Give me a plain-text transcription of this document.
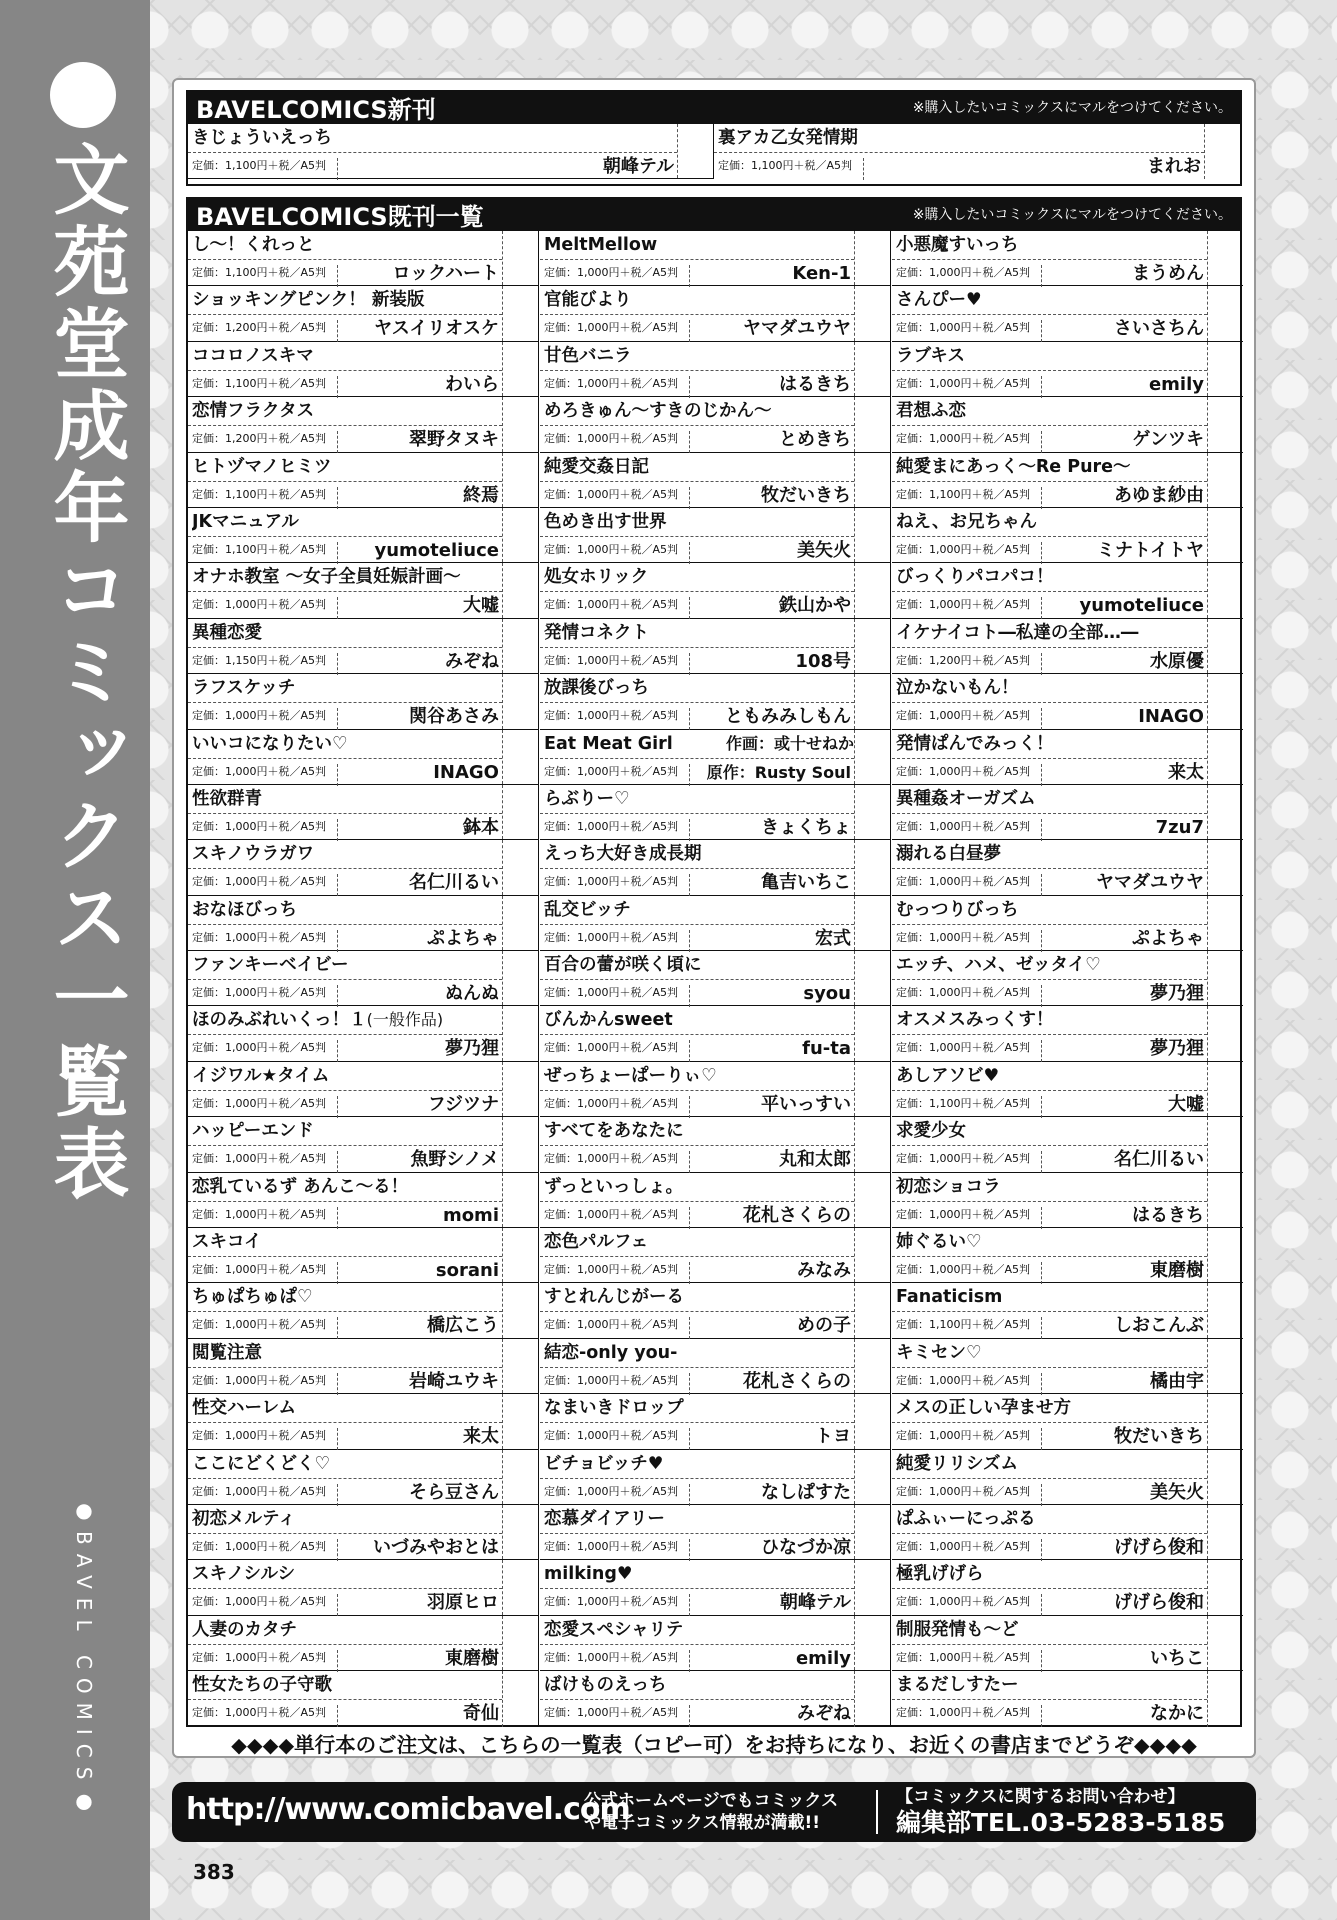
文苑堂成年コミックス一覧表
●BAVEL COMICS●
BAVELCOMICS新刊	※購入したいコミックスにマルをつけてください。
きじょういえっち
定価：1,100円＋税／A5判	朝峰テル
裏アカ乙女発情期
定価：1,100円＋税／A5判	まれお
BAVELCOMICS既刊一覧	※購入したいコミックスにマルをつけてください。
し～！くれっと
定価：1,100円＋税／A5判	ロックハート
ショッキングピンク！ 新装版
定価：1,200円＋税／A5判	ヤスイリオスケ
ココロノスキマ
定価：1,100円＋税／A5判	わいら
恋情フラクタス
定価：1,200円＋税／A5判	翠野タヌキ
ヒトヅマノヒミツ
定価：1,100円＋税／A5判	終焉
JKマニュアル
定価：1,100円＋税／A5判	yumoteliuce
オナホ教室 ～女子全員妊娠計画～
定価：1,000円＋税／A5判	大嘘
異種恋愛
定価：1,150円＋税／A5判	みぞね
ラフスケッチ
定価：1,000円＋税／A5判	関谷あさみ
いいコになりたい♡
定価：1,000円＋税／A5判	INAGO
性欲群青
定価：1,000円＋税／A5判	鉢本
スキノウラガワ
定価：1,000円＋税／A5判	名仁川るい
おなほびっち
定価：1,000円＋税／A5判	ぷよちゃ
ファンキーベイビー
定価：1,000円＋税／A5判	ぬんぬ
ほのみぶれいくっ！１(一般作品)
定価：1,000円＋税／A5判	夢乃狸
イジワル★タイム
定価：1,000円＋税／A5判	フジツナ
ハッピーエンド
定価：1,000円＋税／A5判	魚野シノメ
恋乳ているず あんこ～る！
定価：1,000円＋税／A5判	momi
スキコイ
定価：1,000円＋税／A5判	sorani
ちゅぱちゅぱ♡
定価：1,000円＋税／A5判	橋広こう
閲覧注意
定価：1,000円＋税／A5判	岩崎ユウキ
性交ハーレム
定価：1,000円＋税／A5判	来太
ここにどくどく♡
定価：1,000円＋税／A5判	そら豆さん
初恋メルティ
定価：1,000円＋税／A5判	いづみやおとは
スキノシルシ
定価：1,000円＋税／A5判	羽原ヒロ
人妻のカタチ
定価：1,000円＋税／A5判	東磨樹
性女たちの子守歌
定価：1,000円＋税／A5判	奇仙
MeltMellow
定価：1,000円＋税／A5判	Ken-1
官能びより
定価：1,000円＋税／A5判	ヤマダユウヤ
甘色バニラ
定価：1,000円＋税／A5判	はるきち
めろきゅん～すきのじかん～
定価：1,000円＋税／A5判	とめきち
純愛交姦日記
定価：1,000円＋税／A5判	牧だいきち
色めき出す世界
定価：1,000円＋税／A5判	美矢火
処女ホリック
定価：1,000円＋税／A5判	鉄山かや
発情コネクト
定価：1,000円＋税／A5判	108号
放課後びっち
定価：1,000円＋税／A5判	ともみみしもん
Eat Meat Girl	作画：或十せねか
定価：1,000円＋税／A5判	原作：Rusty Soul
らぶりー♡
定価：1,000円＋税／A5判	きょくちょ
えっち大好き成長期
定価：1,000円＋税／A5判	亀吉いちこ
乱交ビッチ
定価：1,000円＋税／A5判	宏式
百合の蕾が咲く頃に
定価：1,000円＋税／A5判	syou
びんかんsweet
定価：1,000円＋税／A5判	fu-ta
ぜっちょーぱーりぃ♡
定価：1,000円＋税／A5判	平いっすい
すべてをあなたに
定価：1,000円＋税／A5判	丸和太郎
ずっといっしょ。
定価：1,000円＋税／A5判	花札さくらの
恋色パルフェ
定価：1,000円＋税／A5判	みなみ
すとれんじがーる
定価：1,000円＋税／A5判	めの子
結恋-only you-
定価：1,000円＋税／A5判	花札さくらの
なまいきドロップ
定価：1,000円＋税／A5判	トヨ
ビチョビッチ♥
定価：1,000円＋税／A5判	なしぱすた
恋慕ダイアリー
定価：1,000円＋税／A5判	ひなづか凉
milking♥
定価：1,000円＋税／A5判	朝峰テル
恋愛スペシャリテ
定価：1,000円＋税／A5判	emily
ばけものえっち
定価：1,000円＋税／A5判	みぞね
小悪魔すいっち
定価：1,000円＋税／A5判	まうめん
さんぴー♥
定価：1,000円＋税／A5判	さいさちん
ラブキス
定価：1,000円＋税／A5判	emily
君想ふ恋
定価：1,000円＋税／A5判	ゲンツキ
純愛まにあっく～Re Pure～
定価：1,100円＋税／A5判	あゆま紗由
ねえ、お兄ちゃん
定価：1,000円＋税／A5判	ミナトイトヤ
びっくりパコパコ！
定価：1,000円＋税／A5判	yumoteliuce
イケナイコト―私達の全部…―
定価：1,200円＋税／A5判	水原優
泣かないもん！
定価：1,000円＋税／A5判	INAGO
発情ぱんでみっく！
定価：1,000円＋税／A5判	来太
異種姦オーガズム
定価：1,000円＋税／A5判	7zu7
溺れる白昼夢
定価：1,000円＋税／A5判	ヤマダユウヤ
むっつりびっち
定価：1,000円＋税／A5判	ぷよちゃ
エッチ、ハメ、ゼッタイ♡
定価：1,000円＋税／A5判	夢乃狸
オスメスみっくす！
定価：1,000円＋税／A5判	夢乃狸
あしアソビ♥
定価：1,100円＋税／A5判	大嘘
求愛少女
定価：1,000円＋税／A5判	名仁川るい
初恋ショコラ
定価：1,000円＋税／A5判	はるきち
姉ぐるい♡
定価：1,000円＋税／A5判	東磨樹
Fanaticism
定価：1,100円＋税／A5判	しおこんぶ
キミセン♡
定価：1,000円＋税／A5判	橘由宇
メスの正しい孕ませ方
定価：1,000円＋税／A5判	牧だいきち
純愛リリシズム
定価：1,000円＋税／A5判	美矢火
ぱふぃーにっぷる
定価：1,000円＋税／A5判	げげら俊和
極乳げげら
定価：1,000円＋税／A5判	げげら俊和
制服発情も～ど
定価：1,000円＋税／A5判	いちこ
まるだしすたー
定価：1,000円＋税／A5判	なかに
◆◆◆◆単行本のご注文は、こちらの一覧表（コピー可）をお持ちになり、お近くの書店までどうぞ◆◆◆◆
http://www.comicbavel.com
公式ホームページでもコミックス
や電子コミックス情報が満載!!
【コミックスに関するお問い合わせ】
編集部TEL.03-5283-5185
383
